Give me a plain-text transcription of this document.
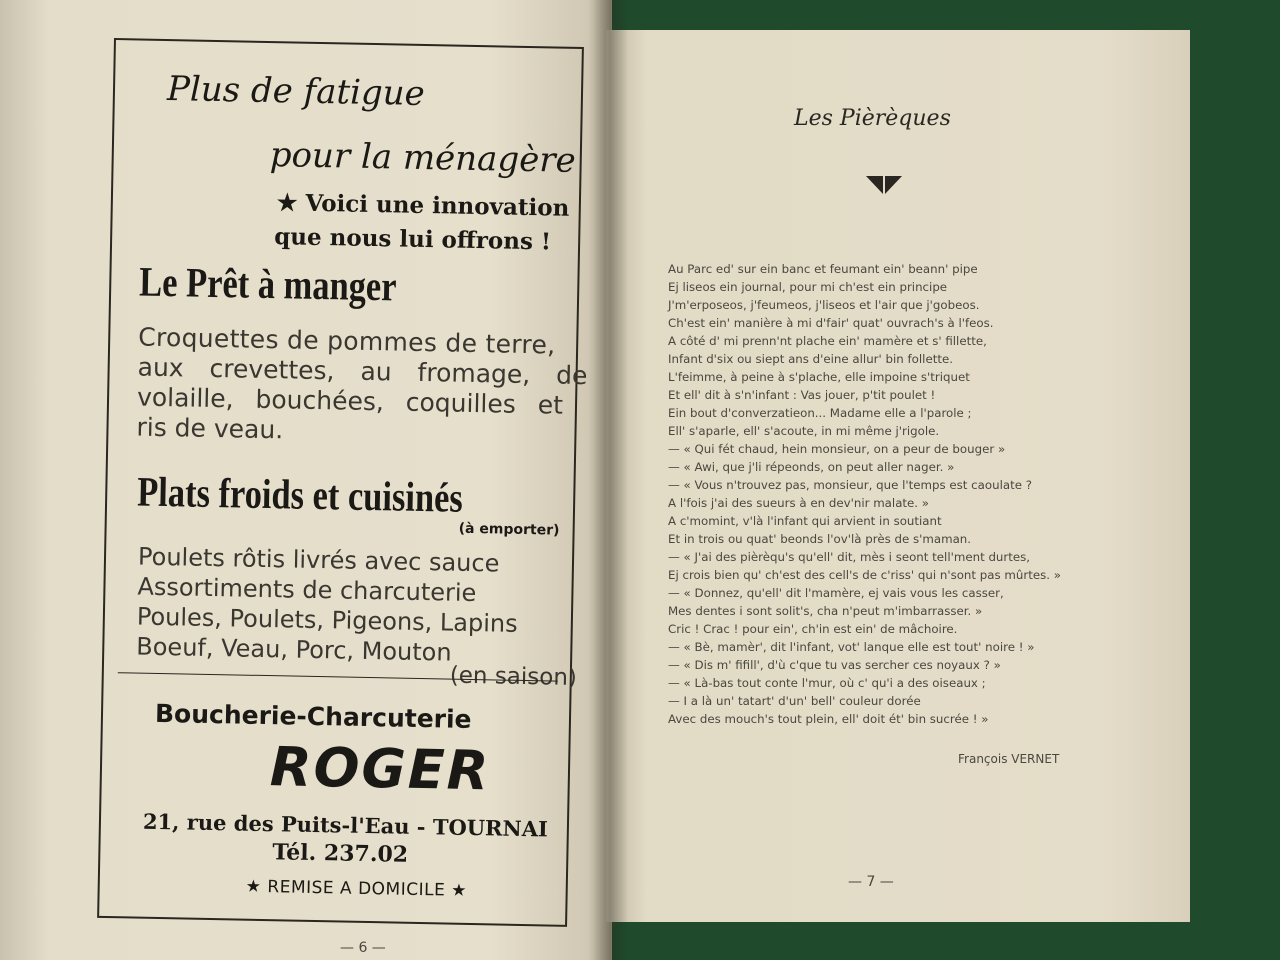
Plus de fatigue
pour la ménagère
★ Voici une innovation
que nous lui offrons !
Le Prêt à manger
Croquettes de pommes de terre,
aux crevettes, au fromage, de
volaille, bouchées, coquilles et
ris de veau.
Plats froids et cuisinés
(à emporter)
Poulets rôtis livrés avec sauce
Assortiments de charcuterie
Poules, Poulets, Pigeons, Lapins
Boeuf, Veau, Porc, Mouton
(en saison)
Boucherie-Charcuterie
ROGER
21, rue des Puits-l'Eau - TOURNAI
Tél. 237.02
★ REMISE A DOMICILE ★
— 6 —
Les Pièrèques
Au Parc ed' sur ein banc et feumant ein' beann' pipe
Ej liseos ein journal, pour mi ch'est ein principe
J'm'erposeos, j'feumeos, j'liseos et l'air que j'gobeos.
Ch'est ein' manière à mi d'fair' quat' ouvrach's à l'feos.
A côté d' mi prenn'nt plache ein' mamère et s' fillette,
Infant d'six ou siept ans d'eine allur' bin follette.
L'feimme, à peine à s'plache, elle impoine s'triquet
Et ell' dit à s'n'infant : Vas jouer, p'tit poulet !
Ein bout d'converzatieon... Madame elle a l'parole ;
Ell' s'aparle, ell' s'acoute, in mi même j'rigole.
— « Qui fét chaud, hein monsieur, on a peur de bouger »
— « Awi, que j'li répeonds, on peut aller nager. »
— « Vous n'trouvez pas, monsieur, que l'temps est caoulate ?
A l'fois j'ai des sueurs à en dev'nir malate. »
A c'momint, v'là l'infant qui arvient in soutiant
Et in trois ou quat' beonds l'ov'là près de s'maman.
— « J'ai des pièrèqu's qu'ell' dit, mès i seont tell'ment durtes,
Ej crois bien qu' ch'est des cell's de c'riss' qui n'sont pas mûrtes. »
— « Donnez, qu'ell' dit l'mamère, ej vais vous les casser,
Mes dentes i sont solit's, cha n'peut m'imbarrasser. »
Cric ! Crac ! pour ein', ch'in est ein' de mâchoire.
— « Bè, mamèr', dit l'infant, vot' lanque elle est tout' noire ! »
— « Dis m' fifill', d'ù c'que tu vas sercher ces noyaux ? »
— « Là-bas tout conte l'mur, où c' qu'i a des oiseaux ;
— I a là un' tatart' d'un' bell' couleur dorée
Avec des mouch's tout plein, ell' doit ét' bin sucrée ! »
François VERNET
— 7 —
